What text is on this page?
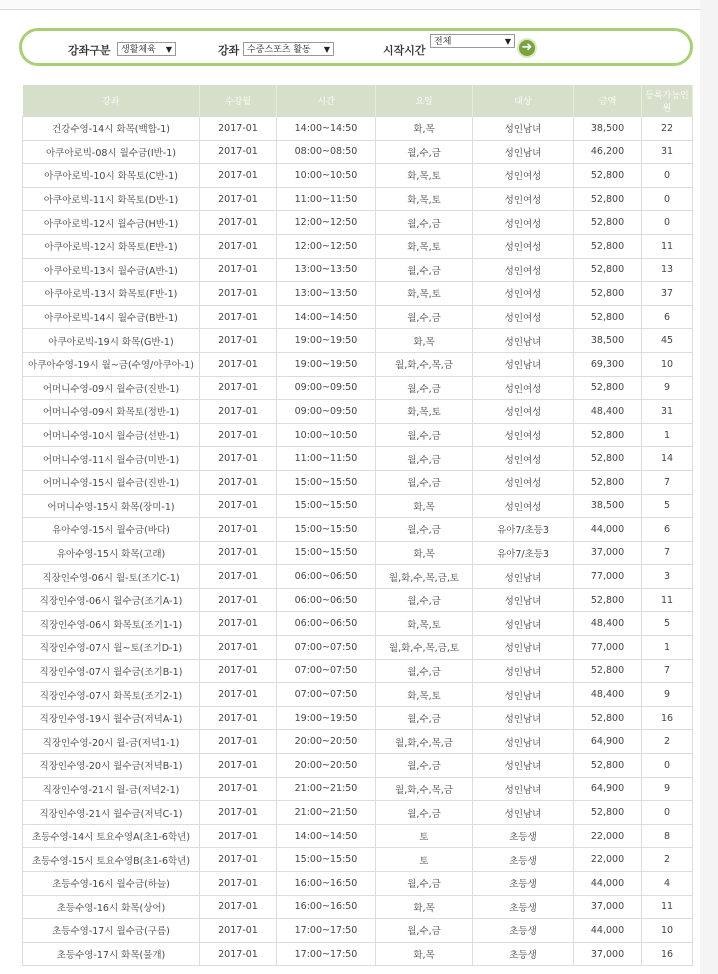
강좌구분	생활체육 ▼	강좌 수중스포츠 활동 ▼	시작시간
전체	▼ ➜
강좌	수강월	시간	요일	대상	금액	등록가능인원
건강수영-14시 화목(백합-1)	2017-01	14:00~14:50	화,목	성인남녀	38,500	22
아쿠아로빅-08시 월수금(I반-1)	2017-01	08:00~08:50	월,수,금	성인남녀	46,200	31
아쿠아로빅-10시 화목토(C반-1)	2017-01	10:00~10:50	화,목,토	성인여성	52,800	0
아쿠아로빅-11시 화목토(D반-1)	2017-01	11:00~11:50	화,목,토	성인여성	52,800	0
아쿠아로빅-12시 월수금(H반-1)	2017-01	12:00~12:50	월,수,금	성인여성	52,800	0
아쿠아로빅-12시 화목토(E반-1)	2017-01	12:00~12:50	화,목,토	성인여성	52,800	11
아쿠아로빅-13시 월수금(A반-1)	2017-01	13:00~13:50	월,수,금	성인여성	52,800	13
아쿠아로빅-13시 화목토(F반-1)	2017-01	13:00~13:50	화,목,토	성인여성	52,800	37
아쿠아로빅-14시 월수금(B반-1)	2017-01	14:00~14:50	월,수,금	성인여성	52,800	6
아쿠아로빅-19시 화목(G반-1)	2017-01	19:00~19:50	화,목	성인남녀	38,500	45
아쿠아수영-19시 월~금(수영/아쿠아-1)	2017-01	19:00~19:50	월,화,수,목,금	성인남녀	69,300	10
어머니수영-09시 월수금(진반-1)	2017-01	09:00~09:50	월,수,금	성인여성	52,800	9
어머니수영-09시 화목토(정반-1)	2017-01	09:00~09:50	화,목,토	성인여성	48,400	31
어머니수영-10시 월수금(선반-1)	2017-01	10:00~10:50	월,수,금	성인여성	52,800	1
어머니수영-11시 월수금(미반-1)	2017-01	11:00~11:50	월,수,금	성인여성	52,800	14
어머니수영-15시 월수금(진반-1)	2017-01	15:00~15:50	월,수,금	성인여성	52,800	7
어머니수영-15시 화목(장미-1)	2017-01	15:00~15:50	화,목	성인여성	38,500	5
유아수영-15시 월수금(바다)	2017-01	15:00~15:50	월,수,금	유아7/초등3	44,000	6
유아수영-15시 화목(고래)	2017-01	15:00~15:50	화,목	유아7/초등3	37,000	7
직장인수영-06시 월-토(조기C-1)	2017-01	06:00~06:50	월,화,수,목,금,토	성인남녀	77,000	3
직장인수영-06시 월수금(조기A-1)	2017-01	06:00~06:50	월,수,금	성인남녀	52,800	11
직장인수영-06시 화목토(조기1-1)	2017-01	06:00~06:50	화,목,토	성인남녀	48,400	5
직장인수영-07시 월~토(조기D-1)	2017-01	07:00~07:50	월,화,수,목,금,토	성인남녀	77,000	1
직장인수영-07시 월수금(조기B-1)	2017-01	07:00~07:50	월,수,금	성인남녀	52,800	7
직장인수영-07시 화목토(조기2-1)	2017-01	07:00~07:50	화,목,토	성인남녀	48,400	9
직장인수영-19시 월수금(저녁A-1)	2017-01	19:00~19:50	월,수,금	성인남녀	52,800	16
직장인수영-20시 월-금(저녁1-1)	2017-01	20:00~20:50	월,화,수,목,금	성인남녀	64,900	2
직장인수영-20시 월수금(저녁B-1)	2017-01	20:00~20:50	월,수,금	성인남녀	52,800	0
직장인수영-21시 월-금(저녁2-1)	2017-01	21:00~21:50	월,화,수,목,금	성인남녀	64,900	9
직장인수영-21시 월수금(저녁C-1)	2017-01	21:00~21:50	월,수,금	성인남녀	52,800	0
초등수영-14시 토요수영A(초1-6학년)	2017-01	14:00~14:50	토	초등생	22,000	8
초등수영-15시 토요수영B(초1-6학년)	2017-01	15:00~15:50	토	초등생	22,000	2
초등수영-16시 월수금(하늘)	2017-01	16:00~16:50	월,수,금	초등생	44,000	4
초등수영-16시 화목(상어)	2017-01	16:00~16:50	화,목	초등생	37,000	11
초등수영-17시 월수금(구름)	2017-01	17:00~17:50	월,수,금	초등생	44,000	10
초등수영-17시 화목(물개)	2017-01	17:00~17:50	화,목	초등생	37,000	16
